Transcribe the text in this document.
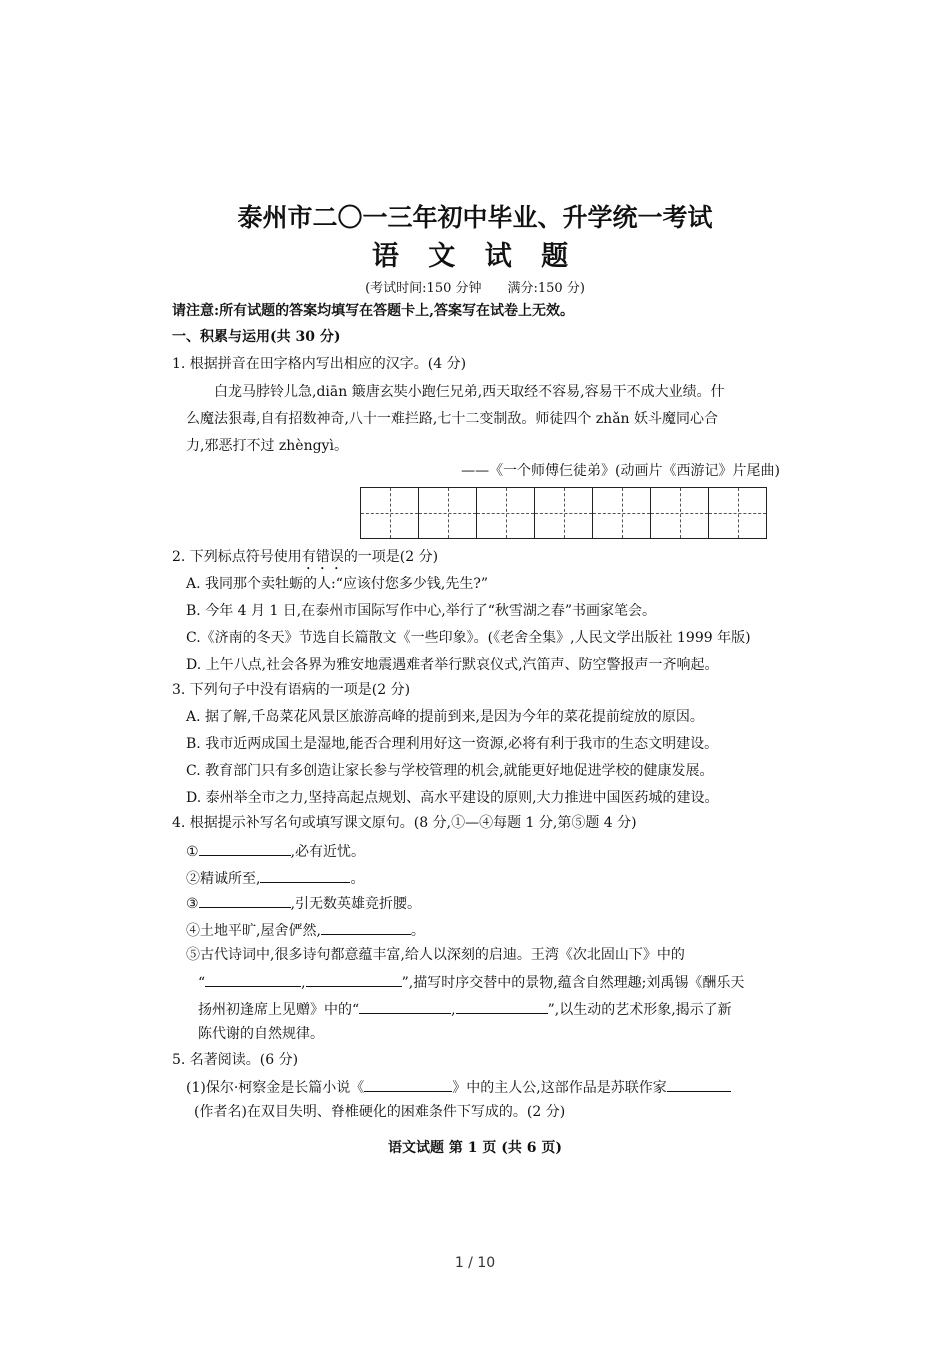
泰州市二〇一三年初中毕业、升学统一考试
语 文 试 题
(考试时间:150 分钟 满分:150 分)
请注意:所有试题的答案均填写在答题卡上,答案写在试卷上无效。
一、积累与运用(共 30 分)
1. 根据拼音在田字格内写出相应的汉字。(4 分)
白龙马脖铃儿急,diān 簸唐玄奘小跑仨兄弟,西天取经不容易,容易干不成大业绩。什
么魔法狠毒,自有招数神奇,八十一难拦路,七十二变制敌。师徒四个 zhǎn 妖斗魔同心合
力,邪恶打不过 zhèngyì。
——《一个师傅仨徒弟》(动画片《西游记》片尾曲)
2. 下列标点符号使用有错误的一项是(2 分)
A. 我同那个卖牡蛎的人:“应该付您多少钱,先生?”
B. 今年 4 月 1 日,在泰州市国际写作中心,举行了“秋雪湖之春”书画家笔会。
C.《济南的冬天》节选自长篇散文《一些印象》。(《老舍全集》,人民文学出版社 1999 年版)
D. 上午八点,社会各界为雅安地震遇难者举行默哀仪式,汽笛声、防空警报声一齐响起。
3. 下列句子中没有语病的一项是(2 分)
A. 据了解,千岛菜花风景区旅游高峰的提前到来,是因为今年的菜花提前绽放的原因。
B. 我市近两成国土是湿地,能否合理利用好这一资源,必将有利于我市的生态文明建设。
C. 教育部门只有多创造让家长参与学校管理的机会,就能更好地促进学校的健康发展。
D. 泰州举全市之力,坚持高起点规划、高水平建设的原则,大力推进中国医药城的建设。
4. 根据提示补写名句或填写课文原句。(8 分,①—④每题 1 分,第⑤题 4 分)
①	,必有近忧。
②精诚所至,	。
③	,引无数英雄竞折腰。
④土地平旷,屋舍俨然,	。
⑤古代诗词中,很多诗句都意蕴丰富,给人以深刻的启迪。王湾《次北固山下》中的
“	,	”,描写时序交替中的景物,蕴含自然理趣;刘禹锡《酬乐天
扬州初逢席上见赠》中的“	,	”,以生动的艺术形象,揭示了新
陈代谢的自然规律。
5. 名著阅读。(6 分)
(1)保尔·柯察金是长篇小说《	》中的主人公,这部作品是苏联作家
(作者名)在双目失明、脊椎硬化的困难条件下写成的。(2 分)
语文试题 第 1 页 (共 6 页)
1 / 10
